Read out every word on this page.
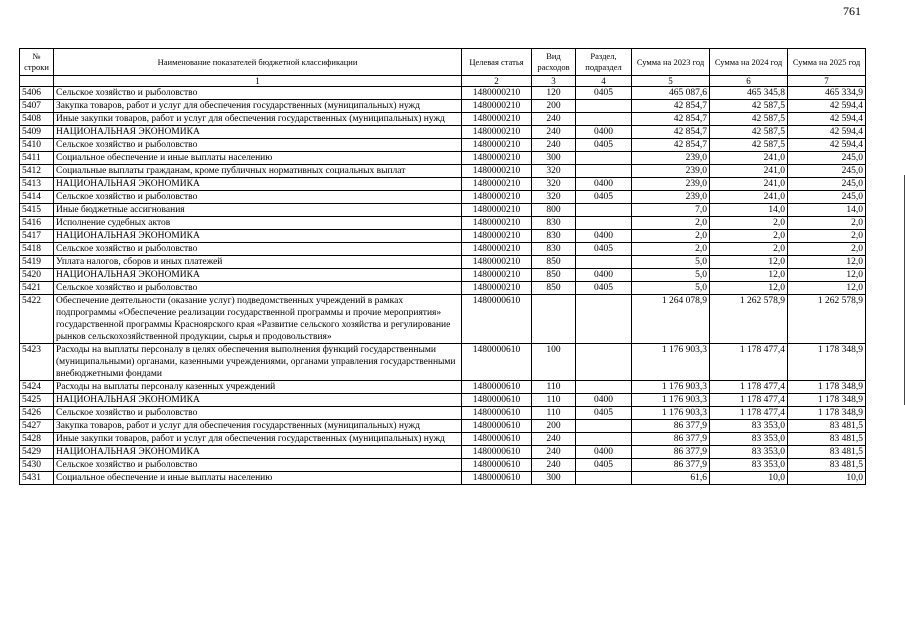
761
№ строки	Наименование показателей бюджетной классификации	Целевая статья	Вид расходов	Раздел, подраздел	Сумма на 2023 год	Сумма на 2024 год	Сумма на 2025 год
	1	2	3	4	5	6	7
5406	Сельское хозяйство и рыболовство	1480000210	120	0405	465 087,6	465 345,8	465 334,9
5407	Закупка товаров, работ и услуг для обеспечения государственных (муниципальных) нужд	1480000210	200		42 854,7	42 587,5	42 594,4
5408	Иные закупки товаров, работ и услуг для обеспечения государственных (муниципальных) нужд	1480000210	240		42 854,7	42 587,5	42 594,4
5409	НАЦИОНАЛЬНАЯ ЭКОНОМИКА	1480000210	240	0400	42 854,7	42 587,5	42 594,4
5410	Сельское хозяйство и рыболовство	1480000210	240	0405	42 854,7	42 587,5	42 594,4
5411	Социальное обеспечение и иные выплаты населению	1480000210	300		239,0	241,0	245,0
5412	Социальные выплаты гражданам, кроме публичных нормативных социальных выплат	1480000210	320		239,0	241,0	245,0
5413	НАЦИОНАЛЬНАЯ ЭКОНОМИКА	1480000210	320	0400	239,0	241,0	245,0
5414	Сельское хозяйство и рыболовство	1480000210	320	0405	239,0	241,0	245,0
5415	Иные бюджетные ассигнования	1480000210	800		7,0	14,0	14,0
5416	Исполнение судебных актов	1480000210	830		2,0	2,0	2,0
5417	НАЦИОНАЛЬНАЯ ЭКОНОМИКА	1480000210	830	0400	2,0	2,0	2,0
5418	Сельское хозяйство и рыболовство	1480000210	830	0405	2,0	2,0	2,0
5419	Уплата налогов, сборов и иных платежей	1480000210	850		5,0	12,0	12,0
5420	НАЦИОНАЛЬНАЯ ЭКОНОМИКА	1480000210	850	0400	5,0	12,0	12,0
5421	Сельское хозяйство и рыболовство	1480000210	850	0405	5,0	12,0	12,0
5422	Обеспечение деятельности (оказание услуг) подведомственных учреждений в рамках подпрограммы «Обеспечение реализации государственной программы и прочие мероприятия» государственной программы Красноярского края «Развитие сельского хозяйства и регулирование рынков сельскохозяйственной продукции, сырья и продовольствия»	1480000610			1 264 078,9	1 262 578,9	1 262 578,9
5423	Расходы на выплаты персоналу в целях обеспечения выполнения функций государственными (муниципальными) органами, казенными учреждениями, органами управления государственными внебюджетными фондами	1480000610	100		1 176 903,3	1 178 477,4	1 178 348,9
5424	Расходы на выплаты персоналу казенных учреждений	1480000610	110		1 176 903,3	1 178 477,4	1 178 348,9
5425	НАЦИОНАЛЬНАЯ ЭКОНОМИКА	1480000610	110	0400	1 176 903,3	1 178 477,4	1 178 348,9
5426	Сельское хозяйство и рыболовство	1480000610	110	0405	1 176 903,3	1 178 477,4	1 178 348,9
5427	Закупка товаров, работ и услуг для обеспечения государственных (муниципальных) нужд	1480000610	200		86 377,9	83 353,0	83 481,5
5428	Иные закупки товаров, работ и услуг для обеспечения государственных (муниципальных) нужд	1480000610	240		86 377,9	83 353,0	83 481,5
5429	НАЦИОНАЛЬНАЯ ЭКОНОМИКА	1480000610	240	0400	86 377,9	83 353,0	83 481,5
5430	Сельское хозяйство и рыболовство	1480000610	240	0405	86 377,9	83 353,0	83 481,5
5431	Социальное обеспечение и иные выплаты населению	1480000610	300		61,6	10,0	10,0
